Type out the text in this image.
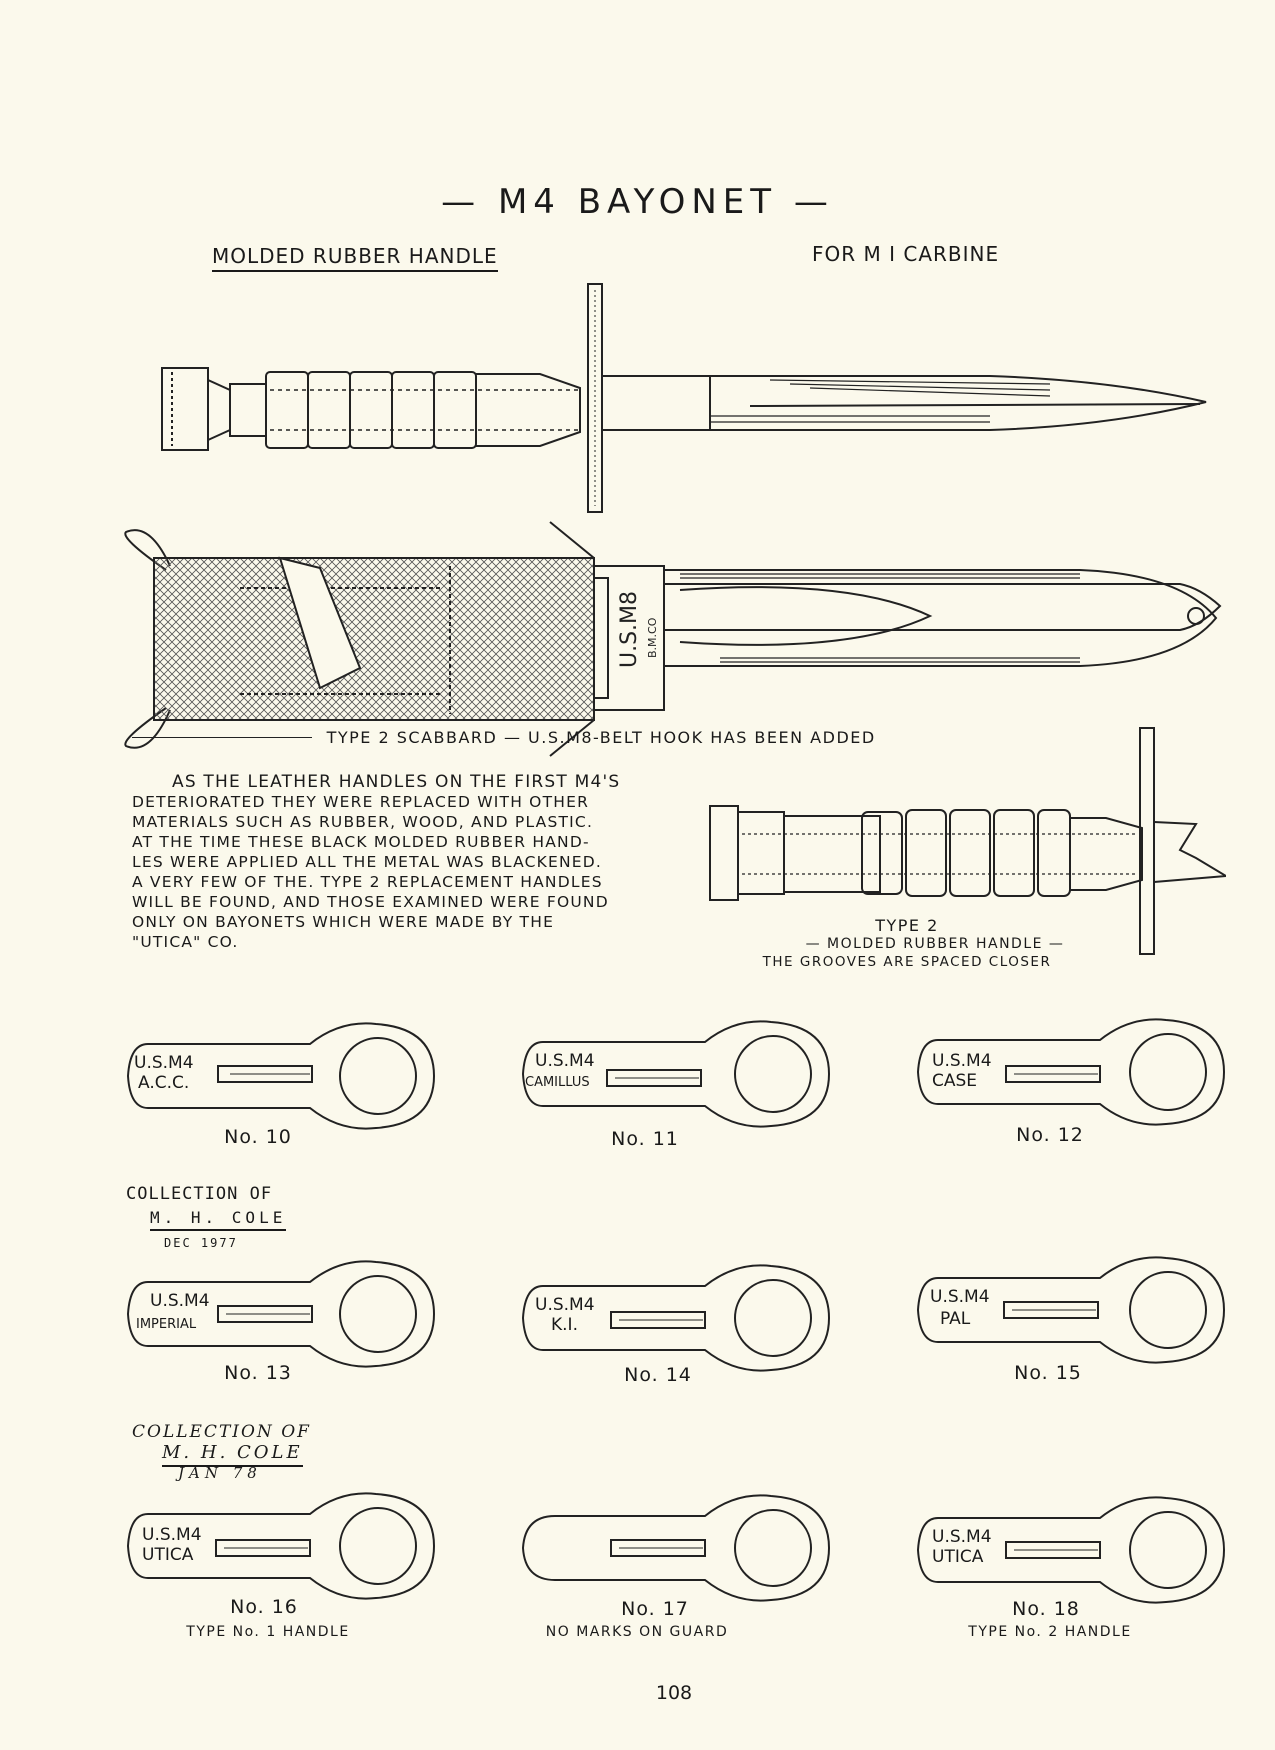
— M4 BAYONET —
MOLDED RUBBER HANDLE	FOR M I CARBINE
U.S.M8 B.M.CO
TYPE 2 SCABBARD — U.S.M8-BELT HOOK HAS BEEN ADDED
AS THE LEATHER HANDLES ON THE FIRST M4'S
DETERIORATED THEY WERE REPLACED WITH OTHER
MATERIALS SUCH AS RUBBER, WOOD, AND PLASTIC.
AT THE TIME THESE BLACK MOLDED RUBBER HAND-
LES WERE APPLIED ALL THE METAL WAS BLACKENED.
A VERY FEW OF THE. TYPE 2 REPLACEMENT HANDLES
WILL BE FOUND, AND THOSE EXAMINED WERE FOUND
ONLY ON BAYONETS WHICH WERE MADE BY THE
"UTICA" CO.
TYPE 2
— MOLDED RUBBER HANDLE —
THE GROOVES ARE SPACED CLOSER
U.S.M4
A.C.C.
No. 10
U.S.M4
CAMILLUS
No. 11
U.S.M4
CASE
No. 12
COLLECTION OF
M. H. COLE
DEC 1977
U.S.M4
IMPERIAL
No. 13
U.S.M4
K.I.
No. 14
U.S.M4
PAL
No. 15
COLLECTION OF
M. H. COLE
JAN 78
U.S.M4
UTICA
No. 16
TYPE No. 1 HANDLE
No. 17
NO MARKS ON GUARD
U.S.M4
UTICA
No. 18
TYPE No. 2 HANDLE
108
